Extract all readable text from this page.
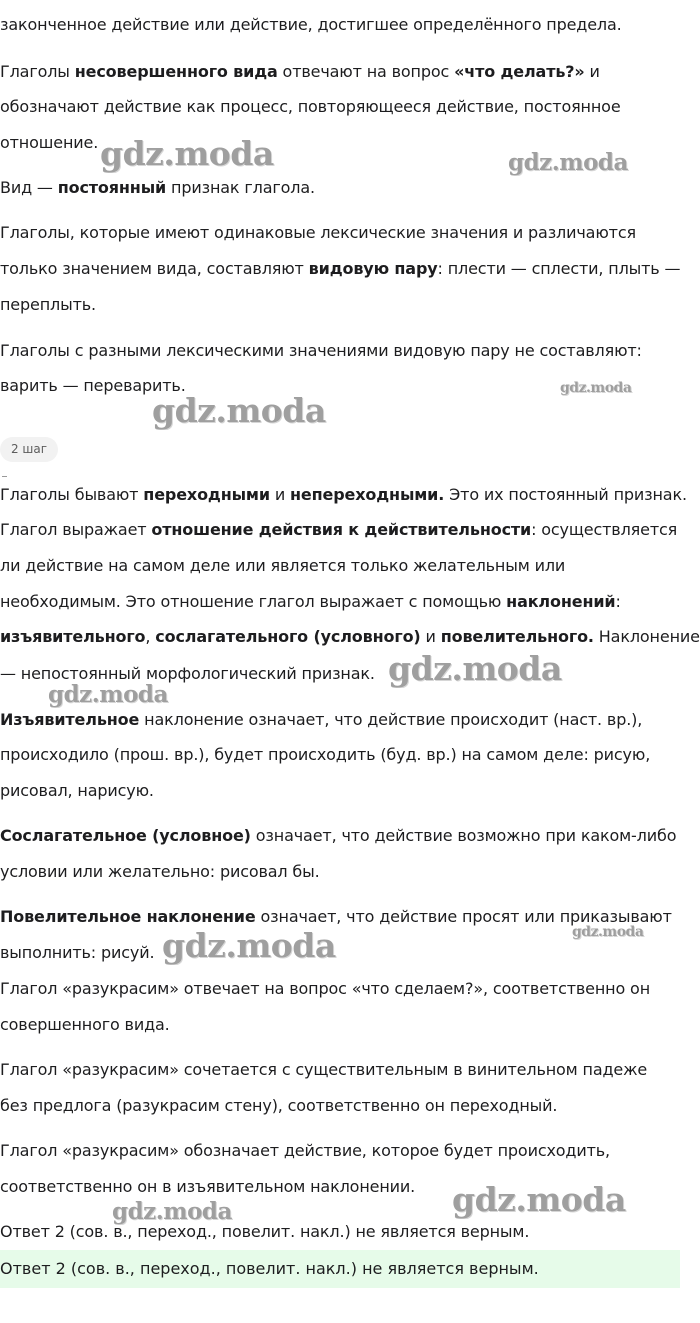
законченное действие или действие, достигшее определённого предела.

Глаголы несовершенного вида отвечают на вопрос «что делать?» и

обозначают действие как процесс, повторяющееся действие, постоянное

отношение.

Вид — постоянный признак глагола.

Глаголы, которые имеют одинаковые лексические значения и различаются

только значением вида, составляют видовую пару: плести — сплести, плыть —

переплыть.

Глаголы с разными лексическими значениями видовую пару не составляют:

варить — переварить.

2 шаг

Глаголы бывают переходными и непереходными. Это их постоянный признак.

Глагол выражает отношение действия к действительности: осуществляется

ли действие на самом деле или является только желательным или

необходимым. Это отношение глагол выражает с помощью наклонений:

изъявительного, сослагательного (условного) и повелительного. Наклонение

— непостоянный морфологический признак.

Изъявительное наклонение означает, что действие происходит (наст. вр.),

происходило (прош. вр.), будет происходить (буд. вр.) на самом деле: рисую,

рисовал, нарисую.

Сослагательное (условное) означает, что действие возможно при каком-либо

условии или желательно: рисовал бы.

Повелительное наклонение означает, что действие просят или приказывают

выполнить: рисуй.

Глагол «разукрасим» отвечает на вопрос «что сделаем?», соответственно он

совершенного вида.

Глагол «разукрасим» сочетается с существительным в винительном падеже

без предлога (разукрасим стену), соответственно он переходный.

Глагол «разукрасим» обозначает действие, которое будет происходить,

соответственно он в изъявительном наклонении.

Ответ 2 (сов. в., переход., повелит. накл.) не является верным.

Ответ 2 (сов. в., переход., повелит. накл.) не является верным.
gdz.moda	gdz.moda
gdz.moda
gdz.moda
gdz.moda
gdz.moda
gdz.moda	gdz.moda
gdz.moda
gdz.moda
